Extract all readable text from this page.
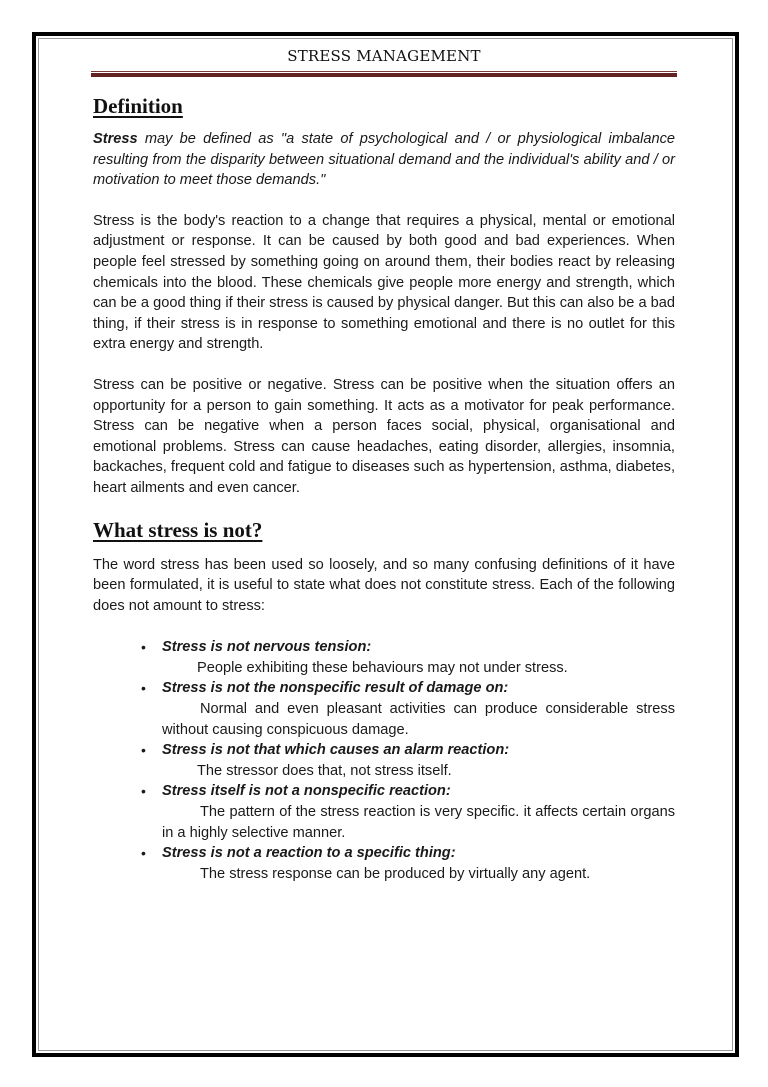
STRESS MANAGEMENT
Definition

Stress may be defined as "a state of psychological and / or physiological imbalance resulting from the disparity between situational demand and the individual's ability and / or motivation to meet those demands."

Stress is the body's reaction to a change that requires a physical, mental or emotional adjustment or response. It can be caused by both good and bad experiences. When people feel stressed by something going on around them, their bodies react by releasing chemicals into the blood. These chemicals give people more energy and strength, which can be a good thing if their stress is caused by physical danger. But this can also be a bad thing, if their stress is in response to something emotional and there is no outlet for this extra energy and strength.

Stress can be positive or negative. Stress can be positive when the situation offers an opportunity for a person to gain something. It acts as a motivator for peak performance. Stress can be negative when a person faces social, physical, organisational and emotional problems. Stress can cause headaches, eating disorder, allergies, insomnia, backaches, frequent cold and fatigue to diseases such as hypertension, asthma, diabetes, heart ailments and even cancer.

What stress is not?

The word stress has been used so loosely, and so many confusing definitions of it have been formulated, it is useful to state what does not constitute stress. Each of the following does not amount to stress:

• Stress is not nervous tension:
People exhibiting these behaviours may not under stress.
• Stress is not the nonspecific result of damage on:
Normal and even pleasant activities can produce considerable stress without causing conspicuous damage.
• Stress is not that which causes an alarm reaction:
The stressor does that, not stress itself.
• Stress itself is not a nonspecific reaction:
The pattern of the stress reaction is very specific. it affects certain organs in a highly selective manner.
• Stress is not a reaction to a specific thing:
The stress response can be produced by virtually any agent.
